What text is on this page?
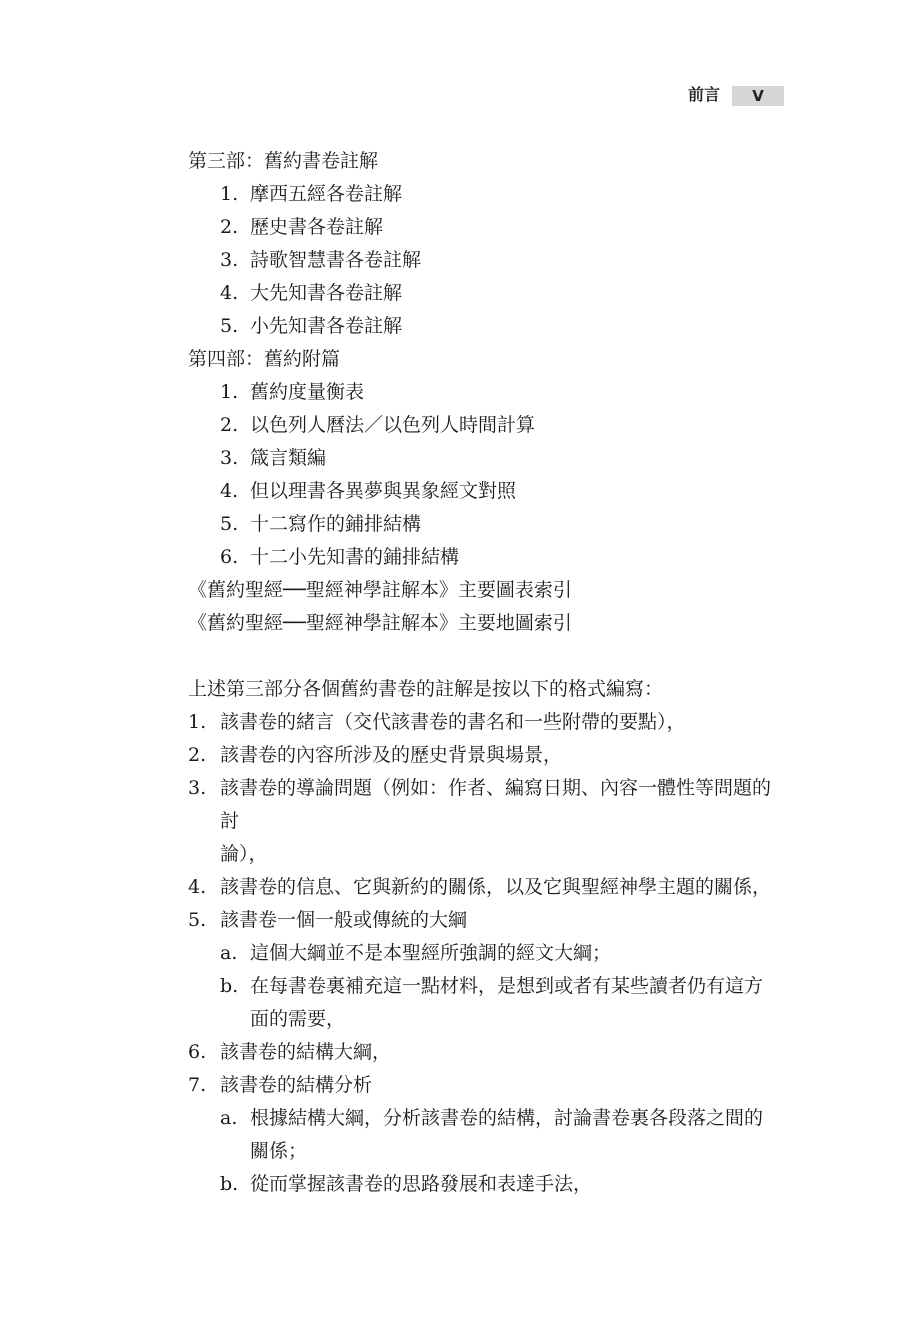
前言	V
第三部：舊約書卷註解
1. 摩西五經各卷註解
2. 歷史書各卷註解
3. 詩歌智慧書各卷註解
4. 大先知書各卷註解
5. 小先知書各卷註解
第四部：舊約附篇
1. 舊約度量衡表
2. 以色列人曆法／以色列人時間計算
3. 箴言類編
4. 但以理書各異夢與異象經文對照
5. 十二寫作的鋪排結構
6. 十二小先知書的鋪排結構
《舊約聖經──聖經神學註解本》主要圖表索引
《舊約聖經──聖經神學註解本》主要地圖索引
上述第三部分各個舊約書卷的註解是按以下的格式編寫：
1. 該書卷的緒言（交代該書卷的書名和一些附帶的要點），
2. 該書卷的內容所涉及的歷史背景與場景，
3. 該書卷的導論問題（例如：作者、編寫日期、內容一體性等問題的討
論），
4. 該書卷的信息、它與新約的關係，以及它與聖經神學主題的關係，
5. 該書卷一個一般或傳統的大綱
a. 這個大綱並不是本聖經所強調的經文大綱；
b. 在每書卷裏補充這一點材料，是想到或者有某些讀者仍有這方
面的需要，
6. 該書卷的結構大綱，
7. 該書卷的結構分析
a. 根據結構大綱，分析該書卷的結構，討論書卷裏各段落之間的
關係；
b. 從而掌握該書卷的思路發展和表達手法，
